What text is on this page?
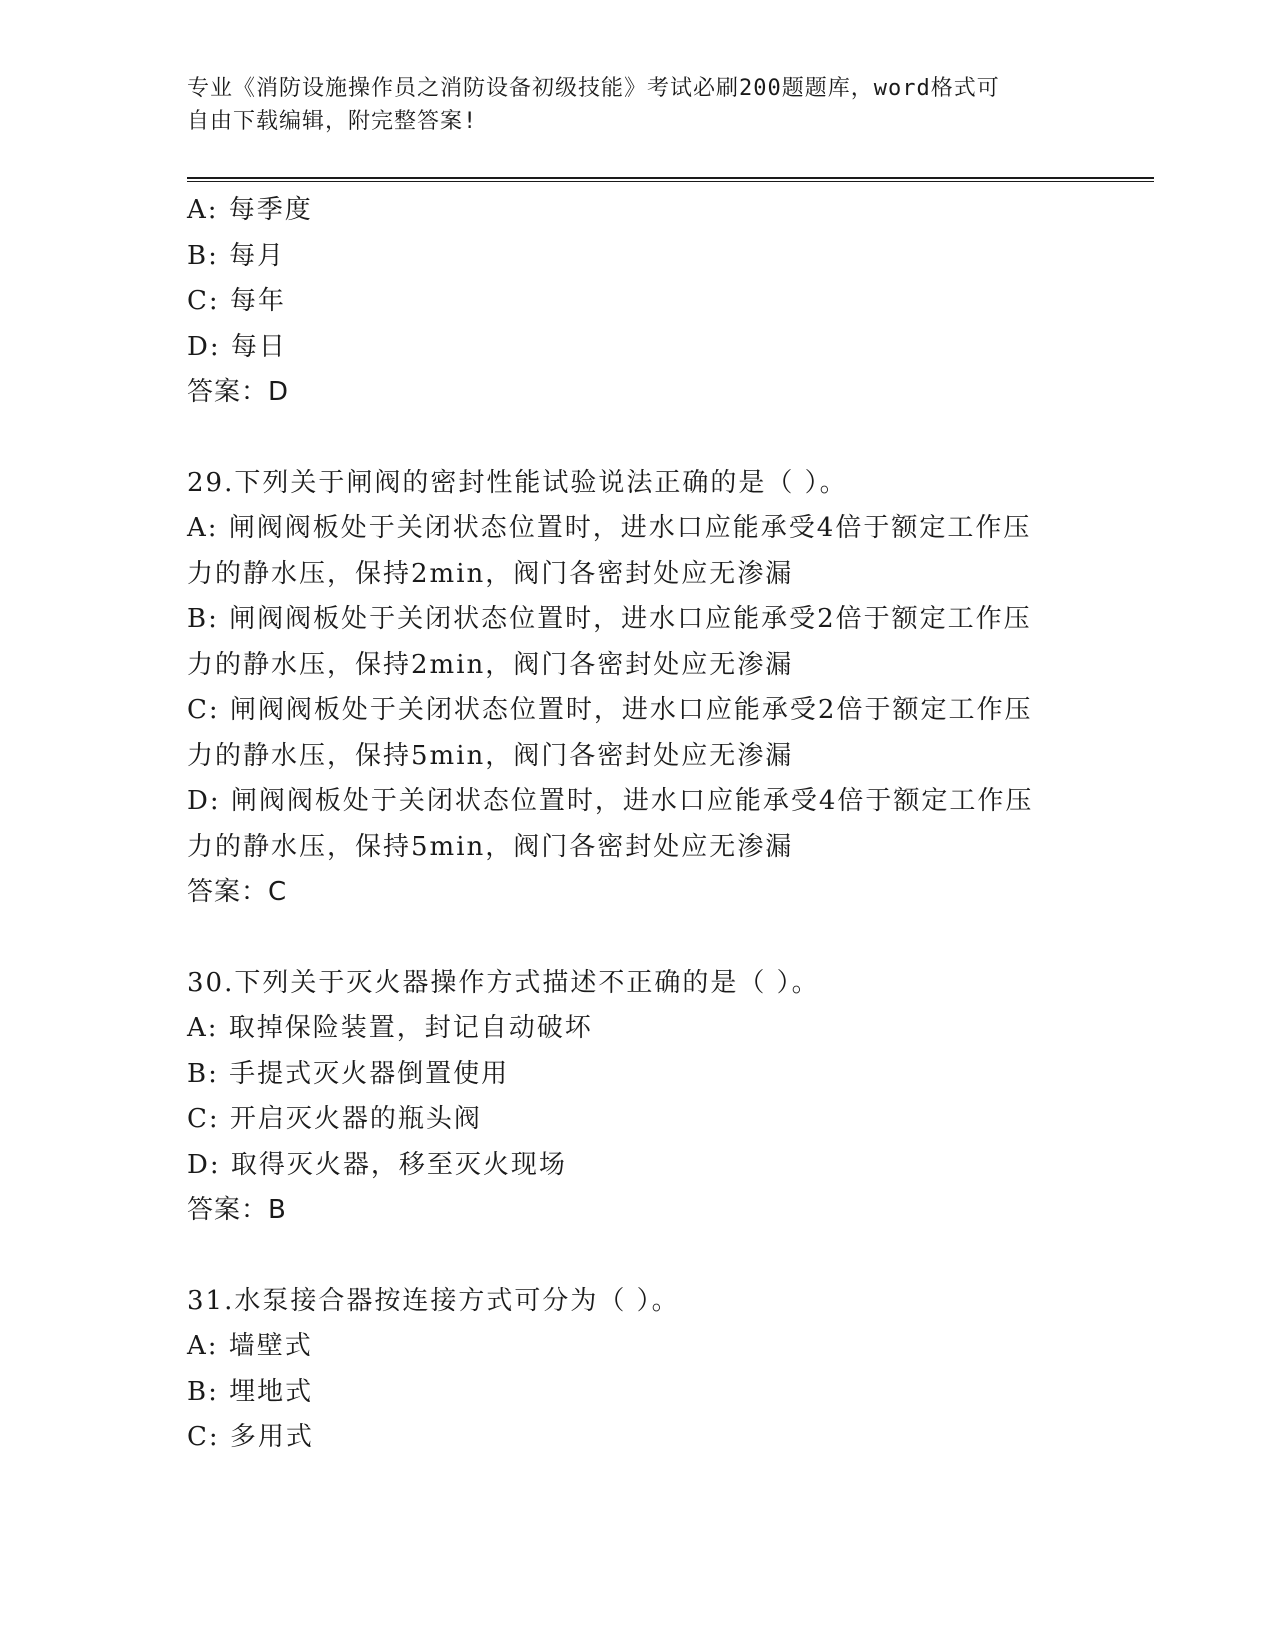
专业《消防设施操作员之消防设备初级技能》考试必刷200题题库，word格式可
自由下载编辑，附完整答案!
A: 每季度
B: 每月
C: 每年
D: 每日
答案：D
29.下列关于闸阀的密封性能试验说法正确的是（ ）。
A: 闸阀阀板处于关闭状态位置时，进水口应能承受4倍于额定工作压
力的静水压，保持2min，阀门各密封处应无渗漏
B: 闸阀阀板处于关闭状态位置时，进水口应能承受2倍于额定工作压
力的静水压，保持2min，阀门各密封处应无渗漏
C: 闸阀阀板处于关闭状态位置时，进水口应能承受2倍于额定工作压
力的静水压，保持5min，阀门各密封处应无渗漏
D: 闸阀阀板处于关闭状态位置时，进水口应能承受4倍于额定工作压
力的静水压，保持5min，阀门各密封处应无渗漏
答案：C
30.下列关于灭火器操作方式描述不正确的是（ ）。
A: 取掉保险装置，封记自动破坏
B: 手提式灭火器倒置使用
C: 开启灭火器的瓶头阀
D: 取得灭火器，移至灭火现场
答案：B
31.水泵接合器按连接方式可分为（ ）。
A: 墙壁式
B: 埋地式
C: 多用式
